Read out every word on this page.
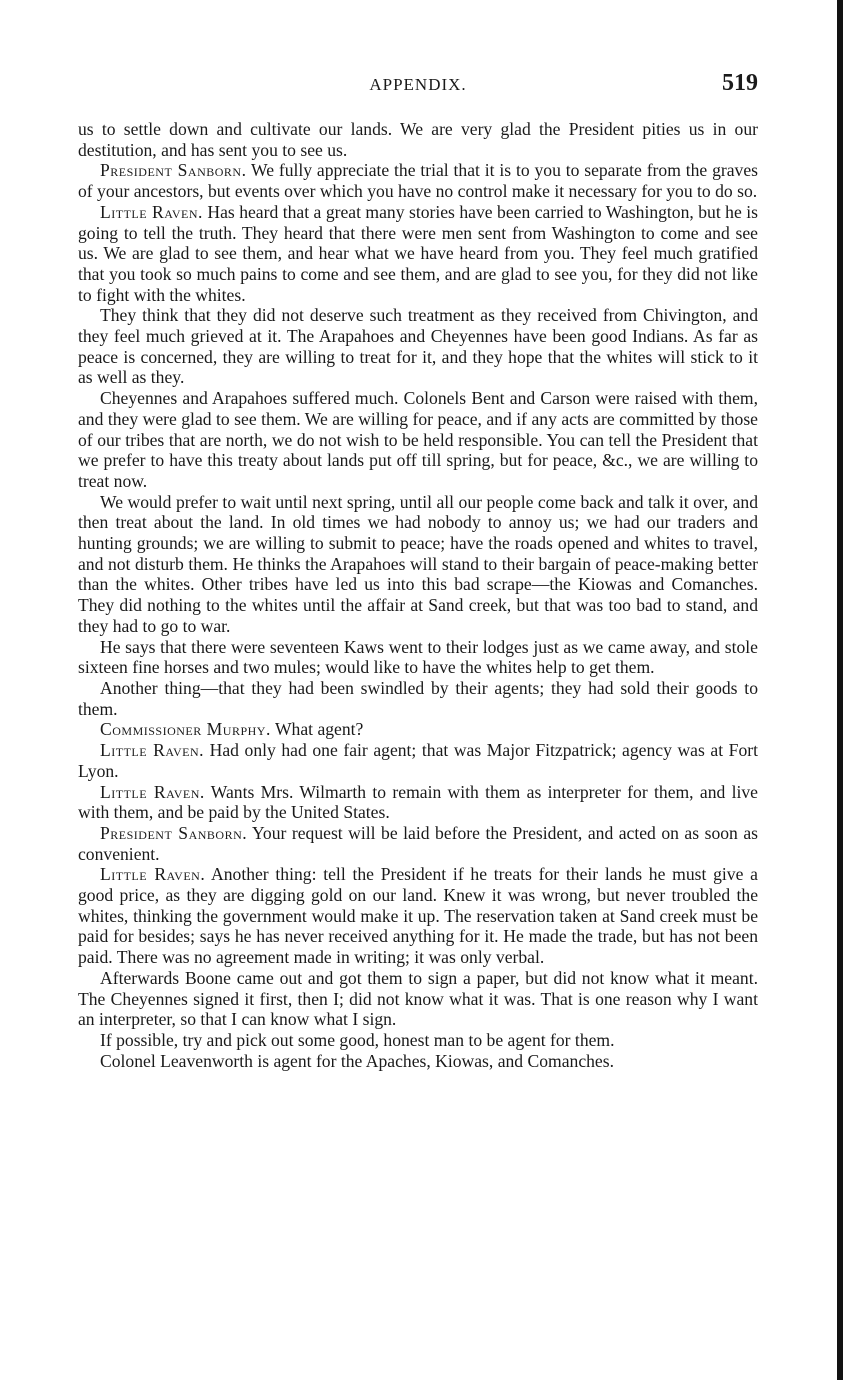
APPENDIX.	519

us to settle down and cultivate our lands. We are very glad the President pities us in our destitution, and has sent you to see us.

President Sanborn. We fully appreciate the trial that it is to you to separate from the graves of your ancestors, but events over which you have no control make it necessary for you to do so.

Little Raven. Has heard that a great many stories have been carried to Washington, but he is going to tell the truth. They heard that there were men sent from Washington to come and see us. We are glad to see them, and hear what we have heard from you. They feel much gratified that you took so much pains to come and see them, and are glad to see you, for they did not like to fight with the whites.

They think that they did not deserve such treatment as they received from Chivington, and they feel much grieved at it. The Arapahoes and Cheyennes have been good Indians. As far as peace is concerned, they are willing to treat for it, and they hope that the whites will stick to it as well as they.

Cheyennes and Arapahoes suffered much. Colonels Bent and Carson were raised with them, and they were glad to see them. We are willing for peace, and if any acts are committed by those of our tribes that are north, we do not wish to be held responsible. You can tell the President that we prefer to have this treaty about lands put off till spring, but for peace, &c., we are willing to treat now.

We would prefer to wait until next spring, until all our people come back and talk it over, and then treat about the land. In old times we had nobody to annoy us; we had our traders and hunting grounds; we are willing to submit to peace; have the roads opened and whites to travel, and not disturb them. He thinks the Arapahoes will stand to their bargain of peace-making better than the whites. Other tribes have led us into this bad scrape—the Kiowas and Comanches. They did nothing to the whites until the affair at Sand creek, but that was too bad to stand, and they had to go to war.

He says that there were seventeen Kaws went to their lodges just as we came away, and stole sixteen fine horses and two mules; would like to have the whites help to get them.

Another thing—that they had been swindled by their agents; they had sold their goods to them.

Commissioner Murphy. What agent?

Little Raven. Had only had one fair agent; that was Major Fitzpatrick; agency was at Fort Lyon.

Little Raven. Wants Mrs. Wilmarth to remain with them as interpreter for them, and live with them, and be paid by the United States.

President Sanborn. Your request will be laid before the President, and acted on as soon as convenient.

Little Raven. Another thing: tell the President if he treats for their lands he must give a good price, as they are digging gold on our land. Knew it was wrong, but never troubled the whites, thinking the government would make it up. The reservation taken at Sand creek must be paid for besides; says he has never received anything for it. He made the trade, but has not been paid. There was no agreement made in writing; it was only verbal.

Afterwards Boone came out and got them to sign a paper, but did not know what it meant. The Cheyennes signed it first, then I; did not know what it was. That is one reason why I want an interpreter, so that I can know what I sign.

If possible, try and pick out some good, honest man to be agent for them.

Colonel Leavenworth is agent for the Apaches, Kiowas, and Comanches.
